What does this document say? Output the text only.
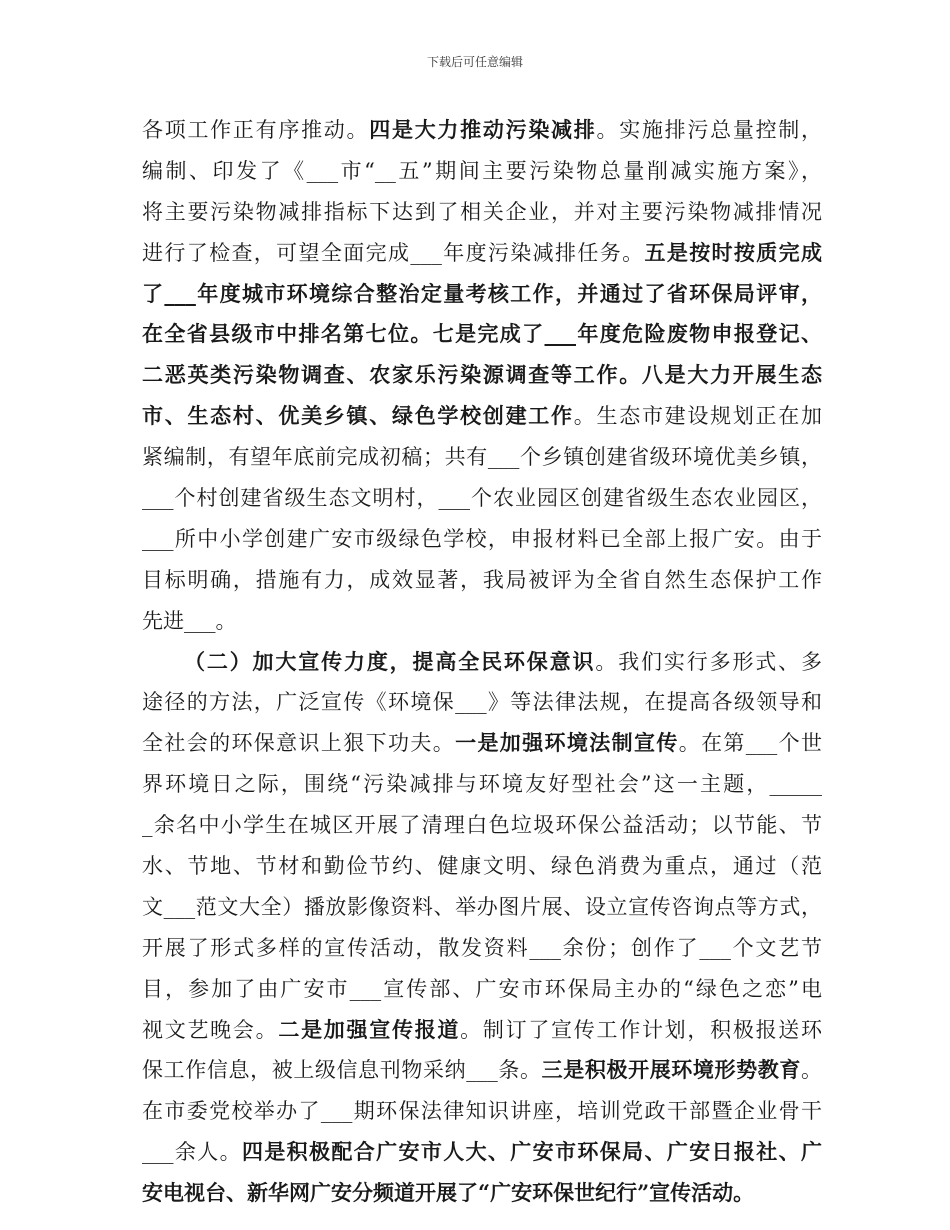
下载后可任意编辑
各项工作正有序推动。四是大力推动污染减排。实施排污总量控制，
编制、印发了《___市“__五”期间主要污染物总量削减实施方案》，
将主要污染物减排指标下达到了相关企业，并对主要污染物减排情况
进行了检查，可望全面完成___年度污染减排任务。五是按时按质完成
了___年度城市环境综合整治定量考核工作，并通过了省环保局评审，
在全省县级市中排名第七位。七是完成了___年度危险废物申报登记、
二恶英类污染物调查、农家乐污染源调查等工作。八是大力开展生态
市、生态村、优美乡镇、绿色学校创建工作。生态市建设规划正在加
紧编制，有望年底前完成初稿；共有___个乡镇创建省级环境优美乡镇，
___个村创建省级生态文明村，___个农业园区创建省级生态农业园区，
___所中小学创建广安市级绿色学校，申报材料已全部上报广安。由于
目标明确，措施有力，成效显著，我局被评为全省自然生态保护工作
先进___。
（二）加大宣传力度，提高全民环保意识。我们实行多形式、多
途径的方法，广泛宣传《环境保___》等法律法规，在提高各级领导和
全社会的环保意识上狠下功夫。一是加强环境法制宣传。在第___个世
界环境日之际，围绕“污染减排与环境友好型社会”这一主题，_____
_余名中小学生在城区开展了清理白色垃圾环保公益活动；以节能、节
水、节地、节材和勤俭节约、健康文明、绿色消费为重点，通过（范
文___范文大全）播放影像资料、举办图片展、设立宣传咨询点等方式，
开展了形式多样的宣传活动，散发资料___余份；创作了___个文艺节
目，参加了由广安市___宣传部、广安市环保局主办的“绿色之恋”电
视文艺晚会。二是加强宣传报道。制订了宣传工作计划，积极报送环
保工作信息，被上级信息刊物采纳___条。三是积极开展环境形势教育。
在市委党校举办了___期环保法律知识讲座，培训党政干部暨企业骨干
___余人。四是积极配合广安市人大、广安市环保局、广安日报社、广
安电视台、新华网广安分频道开展了“广安环保世纪行”宣传活动。
